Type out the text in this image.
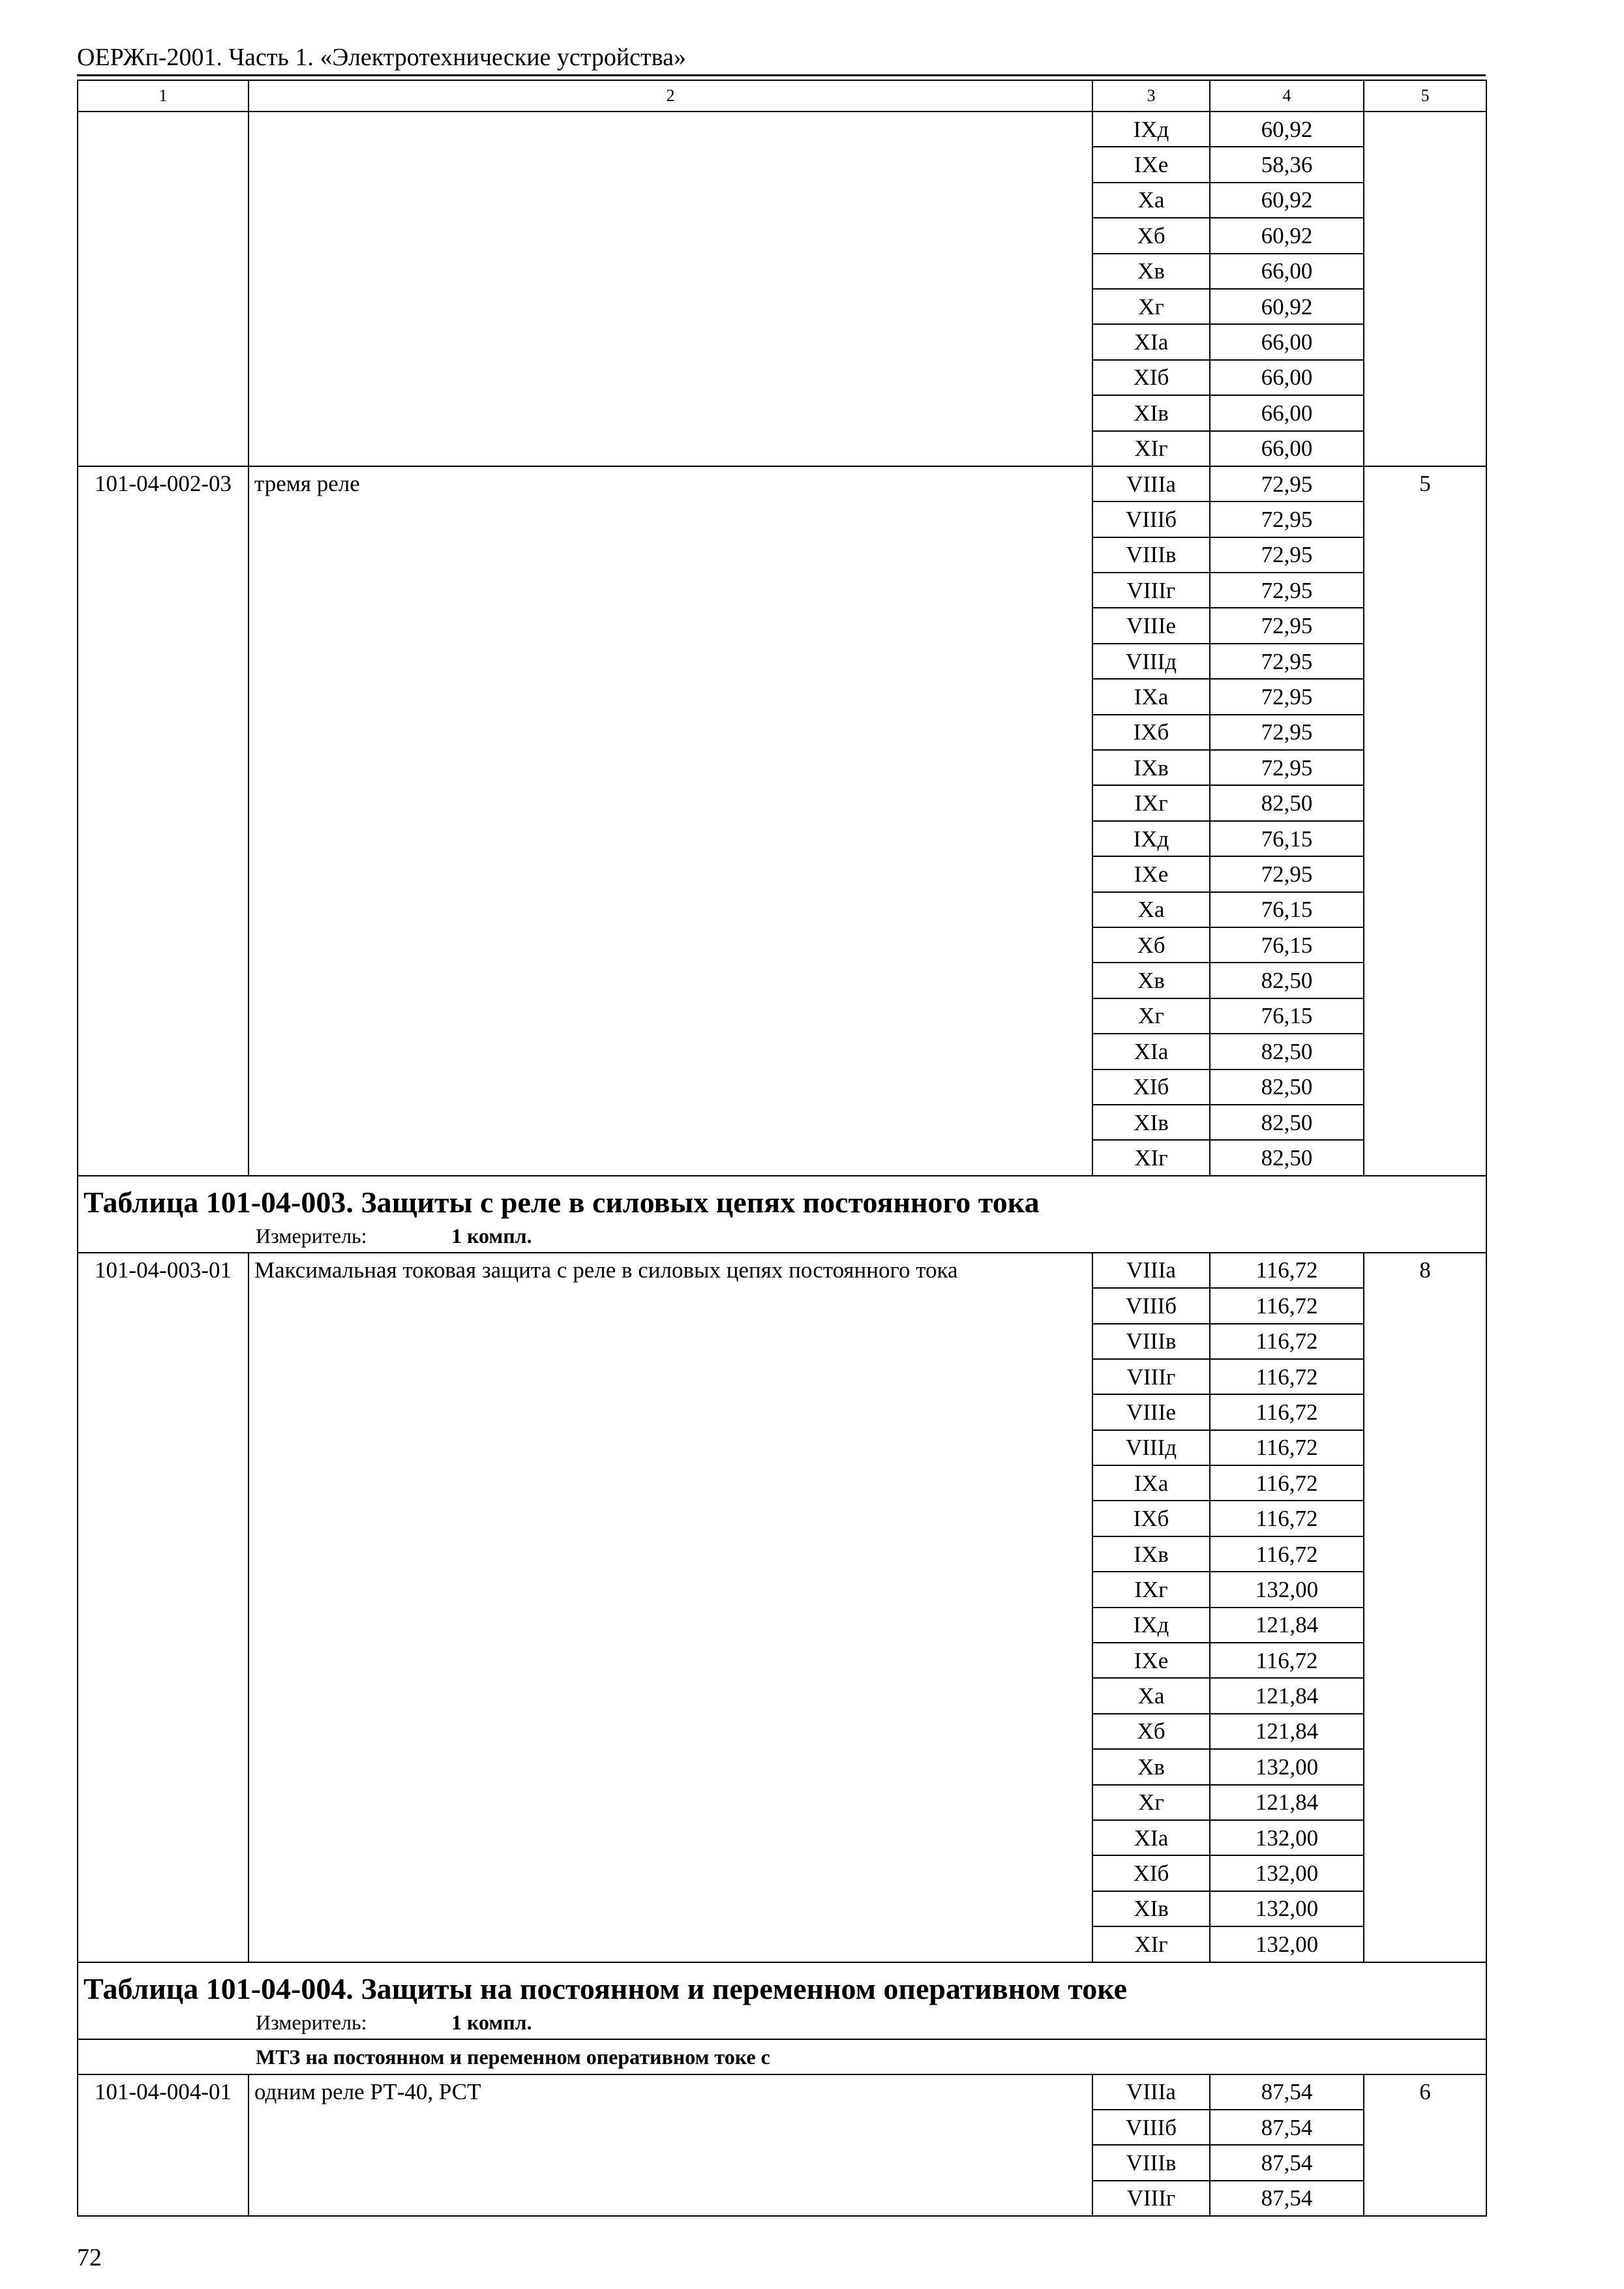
ОЕРЖп-2001. Часть 1. «Электротехнические устройства»
1	2	3	4	5
		IXд	60,92	
		IXе	58,36	
		Xа	60,92	
		Xб	60,92	
		Xв	66,00	
		Xг	60,92	
		XIа	66,00	
		XIб	66,00	
		XIв	66,00	
		XIг	66,00	
101-04-002-03	тремя реле	VIIIа	72,95	5
		VIIIб	72,95	
		VIIIв	72,95	
		VIIIг	72,95	
		VIIIе	72,95	
		VIIIд	72,95	
		IXа	72,95	
		IXб	72,95	
		IXв	72,95	
		IXг	82,50	
		IXд	76,15	
		IXе	72,95	
		Xа	76,15	
		Xб	76,15	
		Xв	82,50	
		Xг	76,15	
		XIа	82,50	
		XIб	82,50	
		XIв	82,50	
		XIг	82,50	
Таблица 101-04-003. Защиты с реле в силовых цепях постоянного тока				
Измеритель: 1 компл.				
101-04-003-01	Максимальная токовая защита с реле в силовых цепях постоянного тока	VIIIа	116,72	8
		VIIIб	116,72	
		VIIIв	116,72	
		VIIIг	116,72	
		VIIIе	116,72	
		VIIIд	116,72	
		IXа	116,72	
		IXб	116,72	
		IXв	116,72	
		IXг	132,00	
		IXд	121,84	
		IXе	116,72	
		Xа	121,84	
		Xб	121,84	
		Xв	132,00	
		Xг	121,84	
		XIа	132,00	
		XIб	132,00	
		XIв	132,00	
		XIг	132,00	
Таблица 101-04-004. Защиты на постоянном и переменном оперативном токе				
Измеритель: 1 компл.				
МТЗ на постоянном и переменном оперативном токе с				
101-04-004-01	одним реле РТ-40, РСТ	VIIIа	87,54	6
		VIIIб	87,54	
		VIIIв	87,54	
		VIIIг	87,54	
72
